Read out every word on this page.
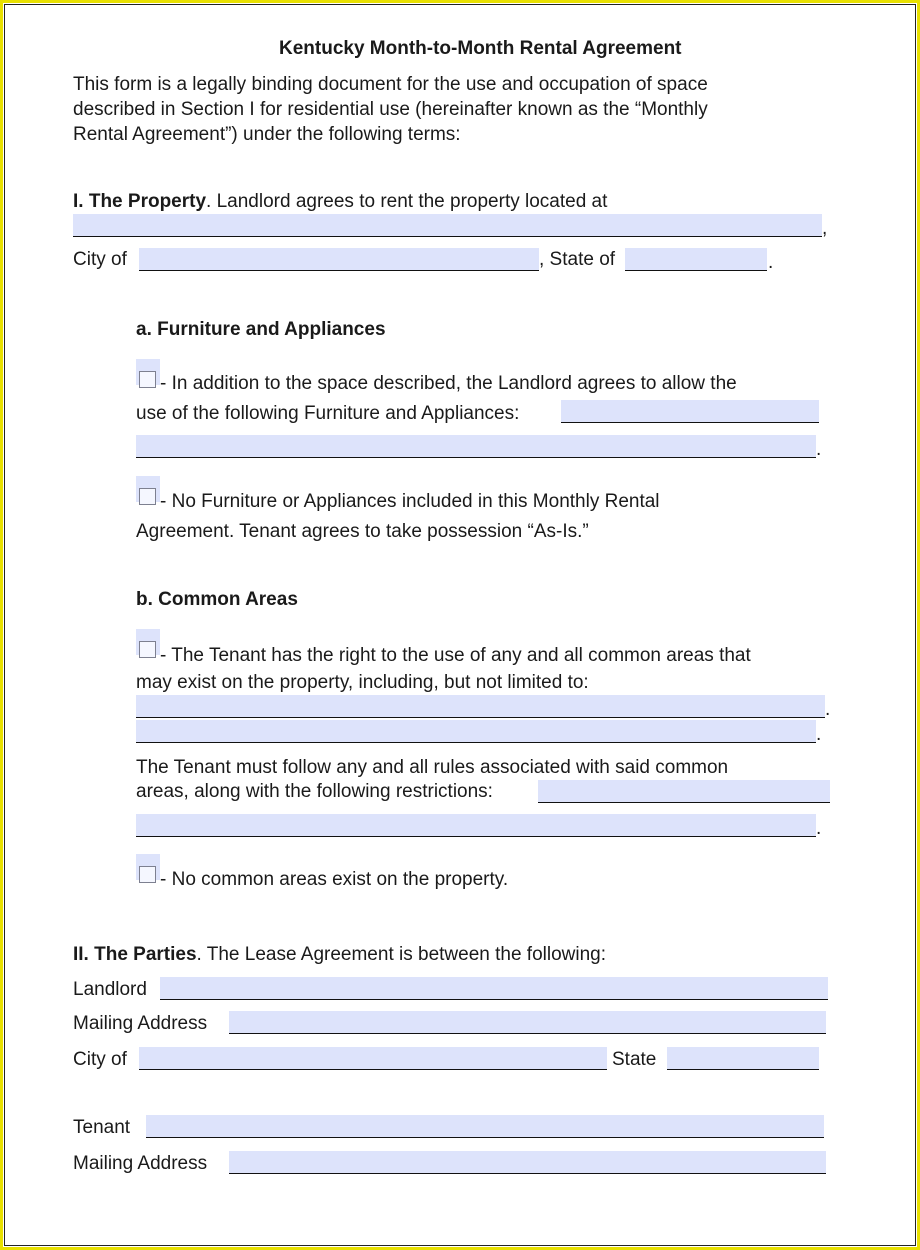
Kentucky Month-to-Month Rental Agreement
This form is a legally binding document for the use and occupation of space
described in Section I for residential use (hereinafter known as the “Monthly
Rental Agreement”) under the following terms:
I. The Property. Landlord agrees to rent the property located at
,
City of	, State of	.
a. Furniture and Appliances
- In addition to the space described, the Landlord agrees to allow the
use of the following Furniture and Appliances:
.
- No Furniture or Appliances included in this Monthly Rental
Agreement. Tenant agrees to take possession “As-Is.”
b. Common Areas
- The Tenant has the right to the use of any and all common areas that
may exist on the property, including, but not limited to:
.
.
The Tenant must follow any and all rules associated with said common
areas, along with the following restrictions:
.
- No common areas exist on the property.
II. The Parties. The Lease Agreement is between the following:
Landlord
Mailing Address
City of	State
Tenant
Mailing Address
